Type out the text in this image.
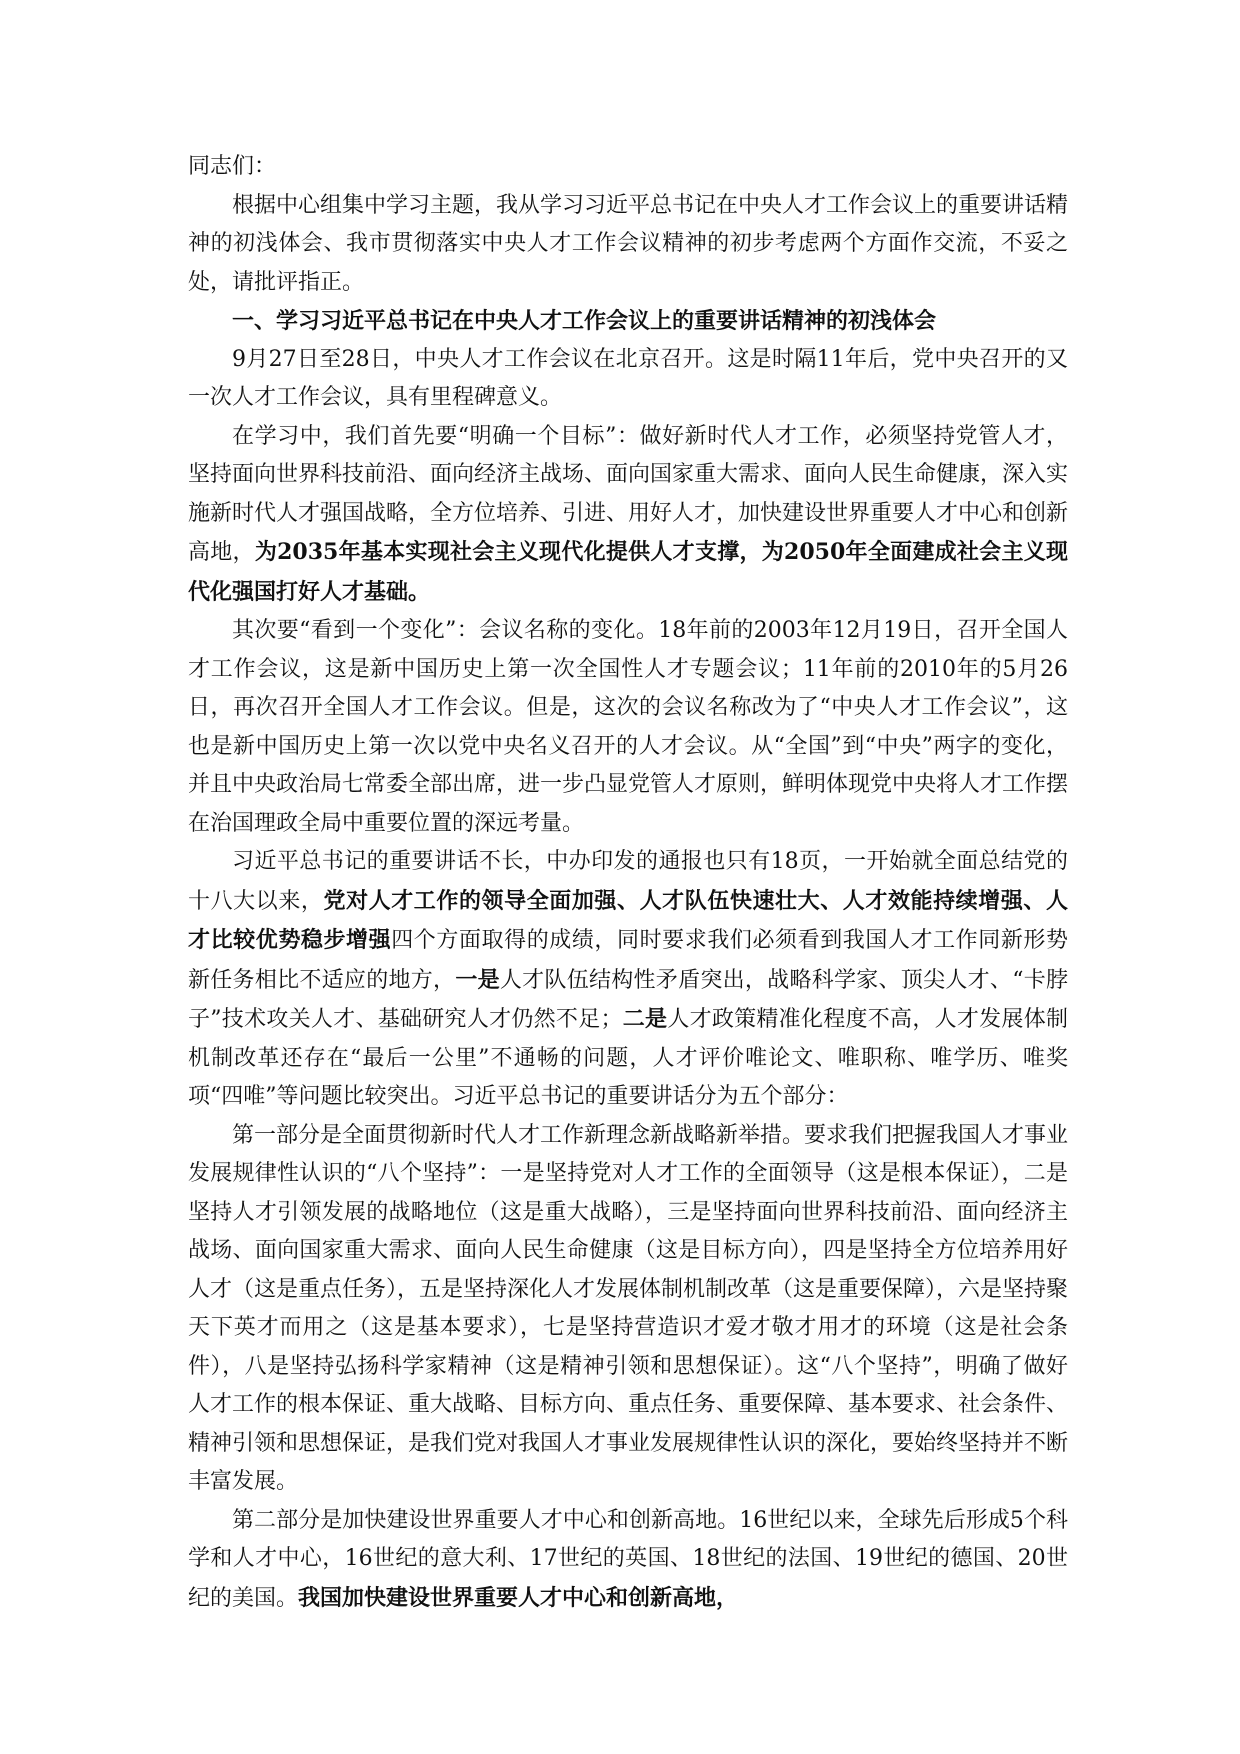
同志们：

根据中心组集中学习主题，我从学习习近平总书记在中央人才工作会议上的重要讲话精神的初浅体会、我市贯彻落实中央人才工作会议精神的初步考虑两个方面作交流，不妥之处，请批评指正。

一、学习习近平总书记在中央人才工作会议上的重要讲话精神的初浅体会

9月27日至28日，中央人才工作会议在北京召开。这是时隔11年后，党中央召开的又一次人才工作会议，具有里程碑意义。

在学习中，我们首先要“明确一个目标”：做好新时代人才工作，必须坚持党管人才，坚持面向世界科技前沿、面向经济主战场、面向国家重大需求、面向人民生命健康，深入实施新时代人才强国战略，全方位培养、引进、用好人才，加快建设世界重要人才中心和创新高地，为2035年基本实现社会主义现代化提供人才支撑，为2050年全面建成社会主义现代化强国打好人才基础。

其次要“看到一个变化”：会议名称的变化。18年前的2003年12月19日，召开全国人才工作会议，这是新中国历史上第一次全国性人才专题会议；11年前的2010年的5月26日，再次召开全国人才工作会议。但是，这次的会议名称改为了“中央人才工作会议”，这也是新中国历史上第一次以党中央名义召开的人才会议。从“全国”到“中央”两字的变化，并且中央政治局七常委全部出席，进一步凸显党管人才原则，鲜明体现党中央将人才工作摆在治国理政全局中重要位置的深远考量。

习近平总书记的重要讲话不长，中办印发的通报也只有18页，一开始就全面总结党的十八大以来，党对人才工作的领导全面加强、人才队伍快速壮大、人才效能持续增强、人才比较优势稳步增强四个方面取得的成绩，同时要求我们必须看到我国人才工作同新形势新任务相比不适应的地方，一是人才队伍结构性矛盾突出，战略科学家、顶尖人才、“卡脖子”技术攻关人才、基础研究人才仍然不足；二是人才政策精准化程度不高，人才发展体制机制改革还存在“最后一公里”不通畅的问题，人才评价唯论文、唯职称、唯学历、唯奖项“四唯”等问题比较突出。习近平总书记的重要讲话分为五个部分：

第一部分是全面贯彻新时代人才工作新理念新战略新举措。要求我们把握我国人才事业发展规律性认识的“八个坚持”：一是坚持党对人才工作的全面领导（这是根本保证），二是坚持人才引领发展的战略地位（这是重大战略），三是坚持面向世界科技前沿、面向经济主战场、面向国家重大需求、面向人民生命健康（这是目标方向），四是坚持全方位培养用好人才（这是重点任务），五是坚持深化人才发展体制机制改革（这是重要保障），六是坚持聚天下英才而用之（这是基本要求），七是坚持营造识才爱才敬才用才的环境（这是社会条件），八是坚持弘扬科学家精神（这是精神引领和思想保证）。这“八个坚持”，明确了做好人才工作的根本保证、重大战略、目标方向、重点任务、重要保障、基本要求、社会条件、精神引领和思想保证，是我们党对我国人才事业发展规律性认识的深化，要始终坚持并不断丰富发展。

第二部分是加快建设世界重要人才中心和创新高地。16世纪以来，全球先后形成5个科学和人才中心，16世纪的意大利、17世纪的英国、18世纪的法国、19世纪的德国、20世纪的美国。我国加快建设世界重要人才中心和创新高地，
